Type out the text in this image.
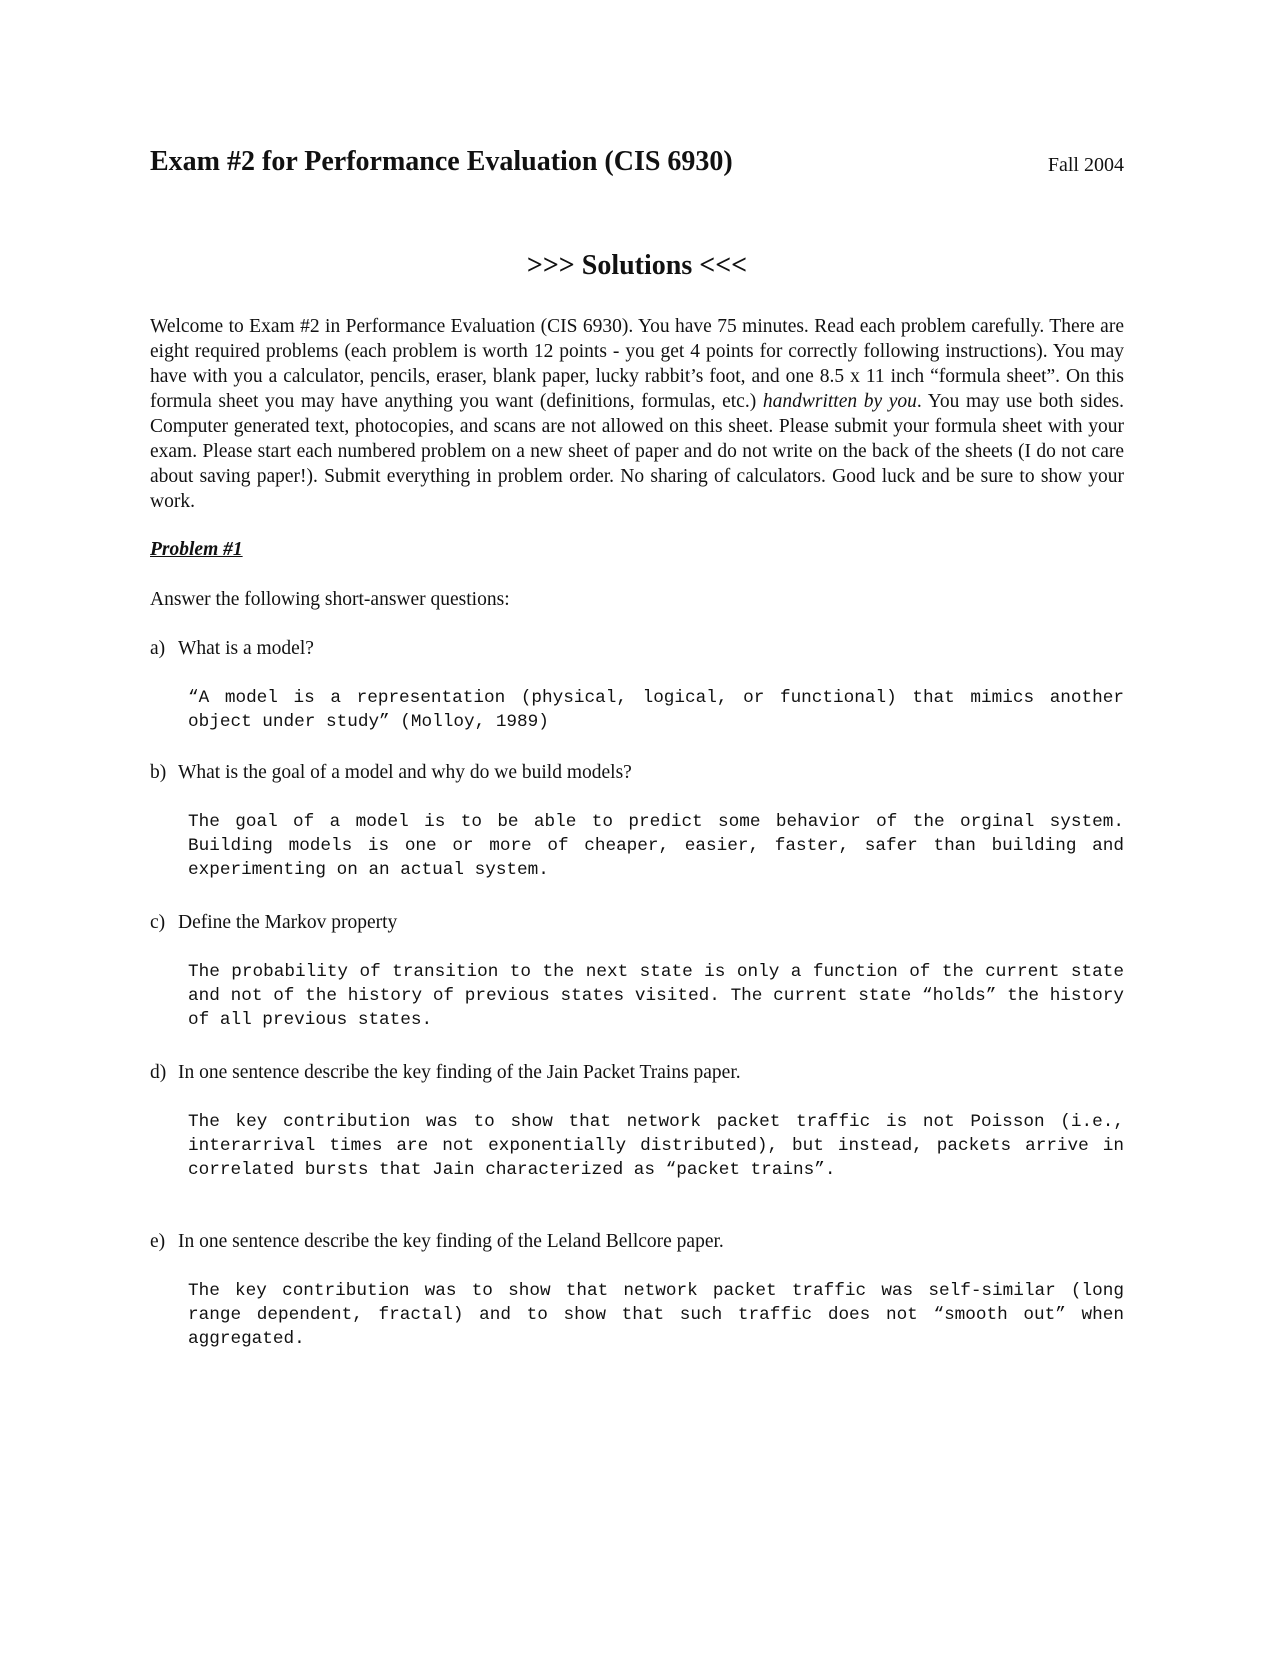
Exam #2 for Performance Evaluation (CIS 6930)	Fall 2004
>>> Solutions <<<

Welcome to Exam #2 in Performance Evaluation (CIS 6930). You have 75 minutes. Read each problem carefully. There are eight required problems (each problem is worth 12 points - you get 4 points for correctly following instructions). You may have with you a calculator, pencils, eraser, blank paper, lucky rabbit’s foot, and one 8.5 x 11 inch “formula sheet”. On this formula sheet you may have anything you want (definitions, formulas, etc.) handwritten by you. You may use both sides. Computer generated text, photocopies, and scans are not allowed on this sheet. Please submit your formula sheet with your exam. Please start each numbered problem on a new sheet of paper and do not write on the back of the sheets (I do not care about saving paper!). Submit everything in problem order. No sharing of calculators. Good luck and be sure to show your work.

Problem #1

Answer the following short-answer questions:

a) What is a model?

“A model is a representation (physical, logical, or functional) that mimics another object under study” (Molloy, 1989)

b) What is the goal of a model and why do we build models?

The goal of a model is to be able to predict some behavior of the orginal system. Building models is one or more of cheaper, easier, faster, safer than building and experimenting on an actual system.

c) Define the Markov property

The probability of transition to the next state is only a function of the current state and not of the history of previous states visited. The current state “holds” the history of all previous states.

d) In one sentence describe the key finding of the Jain Packet Trains paper.

The key contribution was to show that network packet traffic is not Poisson (i.e., interarrival times are not exponentially distributed), but instead, packets arrive in correlated bursts that Jain characterized as “packet trains”.

e) In one sentence describe the key finding of the Leland Bellcore paper.

The key contribution was to show that network packet traffic was self-similar (long range dependent, fractal) and to show that such traffic does not “smooth out” when aggregated.
